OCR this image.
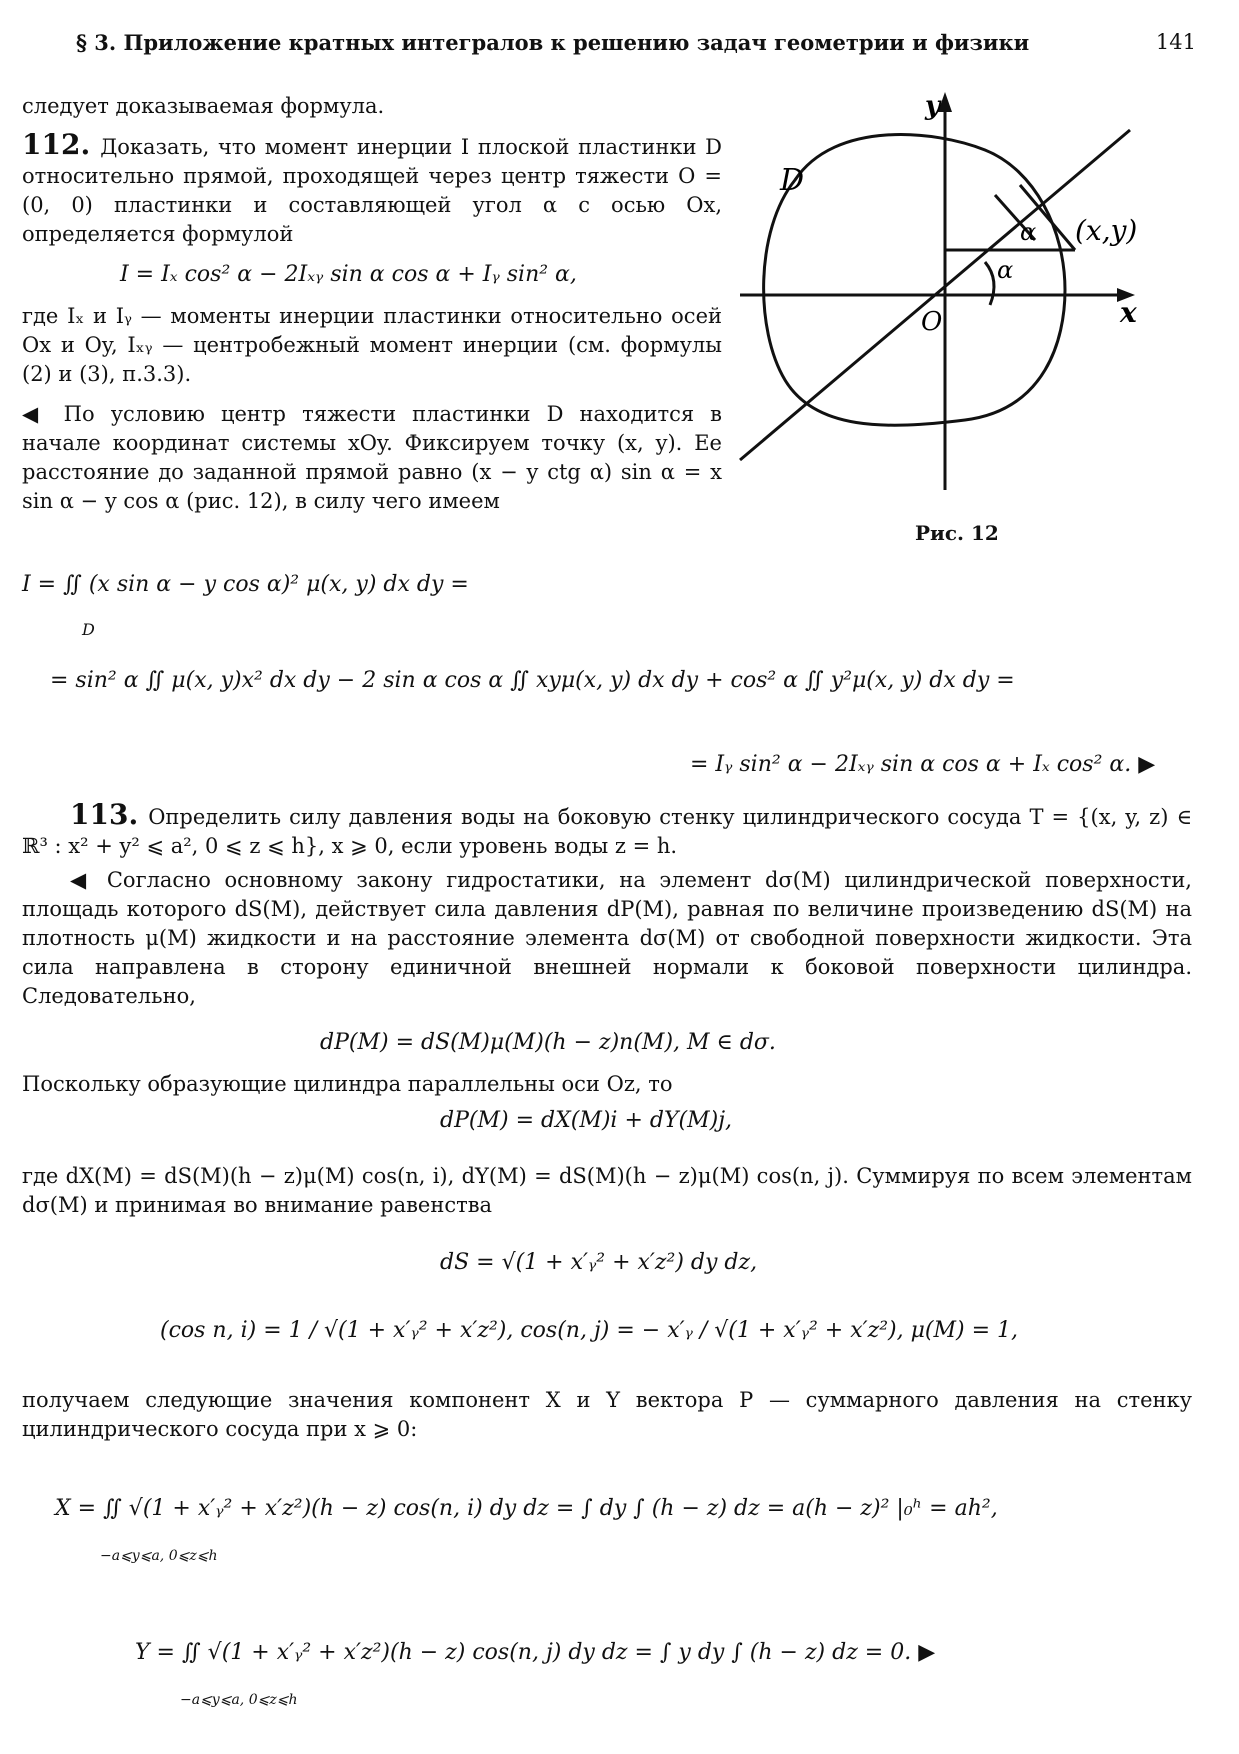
§ 3. Приложение кратных интегралов к решению задач геометрии и физики	141
следует доказываемая формула.

112. Доказать, что момент инерции I плоской пластинки D относительно прямой, проходящей через центр тяжести O = (0, 0) пластинки и составляющей угол α с осью Ox, определяется формулой

I = Iₓ cos² α − 2Iₓᵧ sin α cos α + Iᵧ sin² α,
где Iₓ и Iᵧ — моменты инерции пластинки относительно осей Ox и Oy, Iₓᵧ — центробежный момент инерции (см. формулы (2) и (3), п.3.3).
◀ По условию центр тяжести пластинки D находится в начале координат системы xOy. Фиксируем точку (x, y). Ее расстояние до заданной прямой равно (x − y ctg α) sin α = x sin α − y cos α (рис. 12), в силу чего имеем
D
O	x
y
(x,y)
α
α
Рис. 12
I = ∬ (x sin α − y cos α)² μ(x, y) dx dy =
D
= sin² α ∬ μ(x, y)x² dx dy − 2 sin α cos α ∬ xyμ(x, y) dx dy + cos² α ∬ y²μ(x, y) dx dy =
= Iᵧ sin² α − 2Iₓᵧ sin α cos α + Iₓ cos² α. ▶

113. Определить силу давления воды на боковую стенку цилиндрического сосуда T = {(x, y, z) ∈ ℝ³ : x² + y² ⩽ a², 0 ⩽ z ⩽ h}, x ⩾ 0, если уровень воды z = h.

◀ Согласно основному закону гидростатики, на элемент dσ(M) цилиндрической поверхности, площадь которого dS(M), действует сила давления dP(M), равная по величине произведению dS(M) на плотность μ(M) жидкости и на расстояние элемента dσ(M) от свободной поверхности жидкости. Эта сила направлена в сторону единичной внешней нормали к боковой поверхности цилиндра. Следовательно,
dP(M) = dS(M)μ(M)(h − z)n(M), M ∈ dσ.
Поскольку образующие цилиндра параллельны оси Oz, то
dP(M) = dX(M)i + dY(M)j,
где dX(M) = dS(M)(h − z)μ(M) cos(n, i), dY(M) = dS(M)(h − z)μ(M) cos(n, j). Суммируя по всем элементам dσ(M) и принимая во внимание равенства
dS = √(1 + x′ᵧ² + x′z²) dy dz,
(cos n, i) = 1 / √(1 + x′ᵧ² + x′z²), cos(n, j) = − x′ᵧ / √(1 + x′ᵧ² + x′z²), μ(M) = 1,
получаем следующие значения компонент X и Y вектора P — суммарного давления на стенку цилиндрического сосуда при x ⩾ 0:
X = ∬ √(1 + x′ᵧ² + x′z²)(h − z) cos(n, i) dy dz = ∫ dy ∫ (h − z) dz = a(h − z)² |₀ʰ = ah²,
−a⩽y⩽a, 0⩽z⩽h
Y = ∬ √(1 + x′ᵧ² + x′z²)(h − z) cos(n, j) dy dz = ∫ y dy ∫ (h − z) dz = 0. ▶
−a⩽y⩽a, 0⩽z⩽h
